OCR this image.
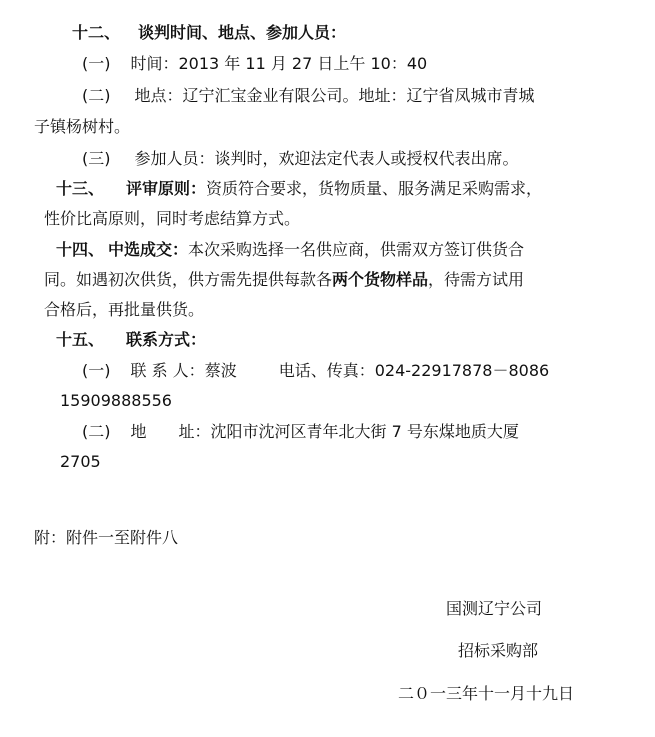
十二、 谈判时间、地点、参加人员：
(一) 时间：2013 年 11 月 27 日上午 10：40
(二) 地点：辽宁汇宝金业有限公司。地址：辽宁省凤城市青城
子镇杨树村。
(三) 参加人员：谈判时，欢迎法定代表人或授权代表出席。
十三、 评审原则：资质符合要求，货物质量、服务满足采购需求，
性价比高原则，同时考虑结算方式。
十四、 中选成交：本次采购选择一名供应商，供需双方签订供货合
同。如遇初次供货，供方需先提供每款各两个货物样品，待需方试用
合格后，再批量供货。
十五、 联系方式：
(一) 联 系 人：蔡波	电话、传真：024-22917878－8086
15909888556
(二) 地　　址：沈阳市沈河区青年北大街 7 号东煤地质大厦
2705
附：附件一至附件八
国测辽宁公司
招标采购部
二０一三年十一月十九日
